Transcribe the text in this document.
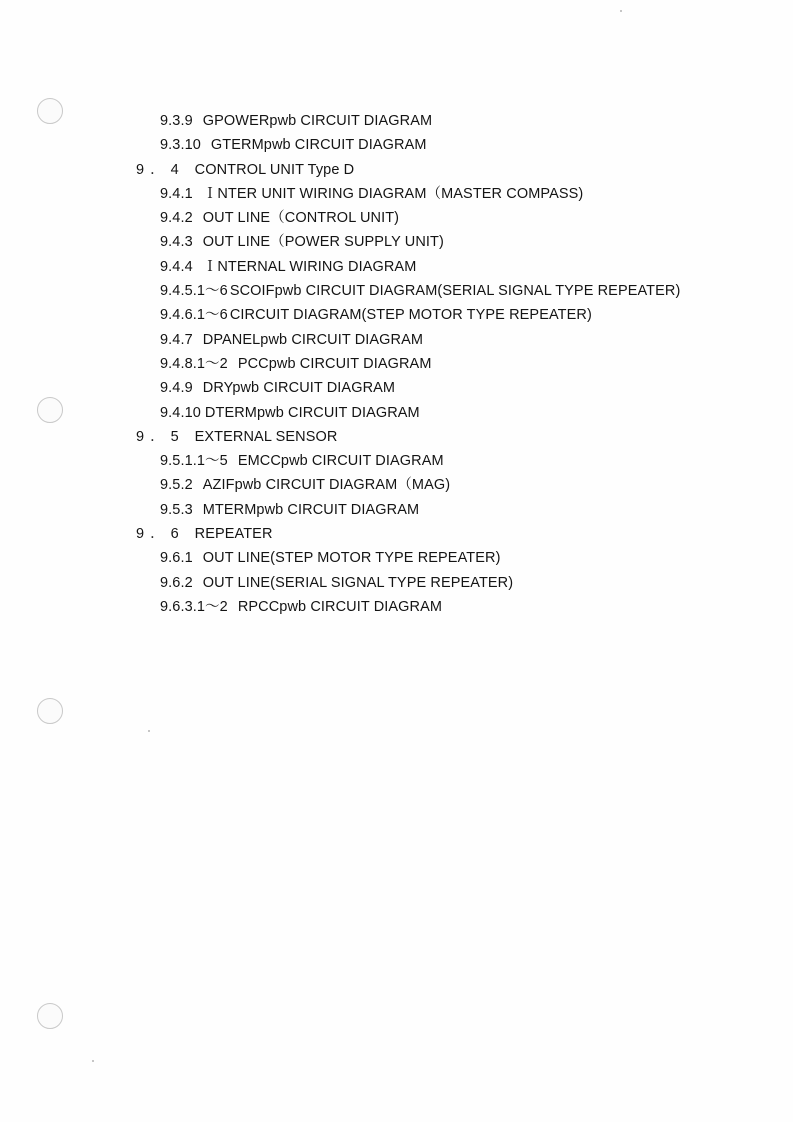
9.3.9 GPOWERpwb CIRCUIT DIAGRAM
9.3.10 GTERMpwb CIRCUIT DIAGRAM
9．4 CONTROL UNIT Type D
9.4.1 ＩNTER UNIT WIRING DIAGRAM（MASTER COMPASS)
9.4.2 OUT LINE（CONTROL UNIT)
9.4.3 OUT LINE（POWER SUPPLY UNIT)
9.4.4 ＩNTERNAL WIRING DIAGRAM
9.4.5.1～6 SCOIFpwb CIRCUIT DIAGRAM(SERIAL SIGNAL TYPE REPEATER)
9.4.6.1～6 CIRCUIT DIAGRAM(STEP MOTOR TYPE REPEATER)
9.4.7 DPANELpwb CIRCUIT DIAGRAM
9.4.8.1～2 PCCpwb CIRCUIT DIAGRAM
9.4.9 DRYpwb CIRCUIT DIAGRAM
9.4.10 DTERMpwb CIRCUIT DIAGRAM
9．5 EXTERNAL SENSOR
9.5.1.1～5 EMCCpwb CIRCUIT DIAGRAM
9.5.2 AZIFpwb CIRCUIT DIAGRAM（MAG)
9.5.3 MTERMpwb CIRCUIT DIAGRAM
9．6 REPEATER
9.6.1 OUT LINE(STEP MOTOR TYPE REPEATER)
9.6.2 OUT LINE(SERIAL SIGNAL TYPE REPEATER)
9.6.3.1～2 RPCCpwb CIRCUIT DIAGRAM
